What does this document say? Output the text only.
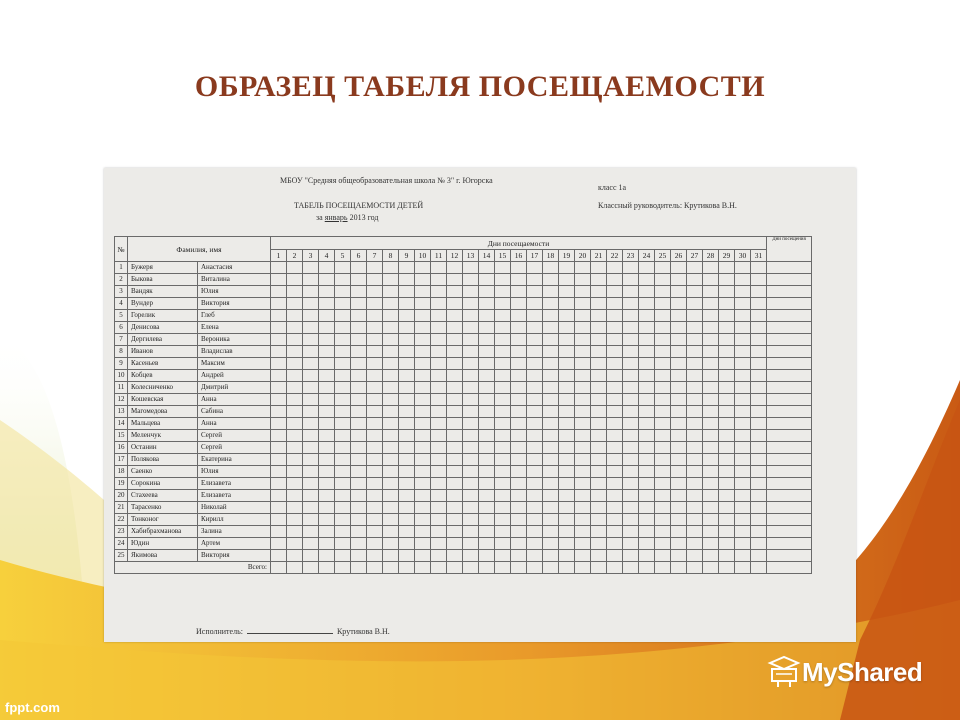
ОБРАЗЕЦ ТАБЕЛЯ ПОСЕЩАЕМОСТИ
МБОУ "Средняя общеобразовательная школа № 3" г. Югорска
ТАБЕЛЬ ПОСЕЩАЕМОСТИ ДЕТЕЙ
за январь 2013 год
класс 1а
Классный руководитель: Крутикова В.Н.
№	Фамилия, имя		Дни посещаемости																															Дни посещения
			1	2	3	4	5	6	7	8	9	10	11	12	13	14	15	16	17	18	19	20	21	22	23	24	25	26	27	28	29	30	31	
1	Бужеря	Анастасия																																
2	Быкова	Виталина																																
3	Вандяк	Юлия																																
4	Вундер	Виктория																																
5	Горелик	Глеб																																
6	Денисова	Елена																																
7	Дергилева	Вероника																																
8	Иванов	Владислав																																
9	Касеньев	Максим																																
10	Кобцев	Андрей																																
11	Колесниченко	Дмитрий																																
12	Кошевская	Анна																																
13	Магомедова	Сабина																																
14	Мальцева	Анна																																
15	Меленчук	Сергей																																
16	Останин	Сергей																																
17	Полякова	Екатерина																																
18	Саенко	Юлия																																
19	Сорокина	Елизавета																																
20	Стахеева	Елизавета																																
21	Тарасенко	Николай																																
22	Тонконог	Кирилл																																
23	Хабибрахманова	Залина																																
24	Юдин	Артем																																
25	Якимова	Виктория																																
Всего:																																		
Исполнитель:	Крутикова В.Н.
MyShared
fppt.com
